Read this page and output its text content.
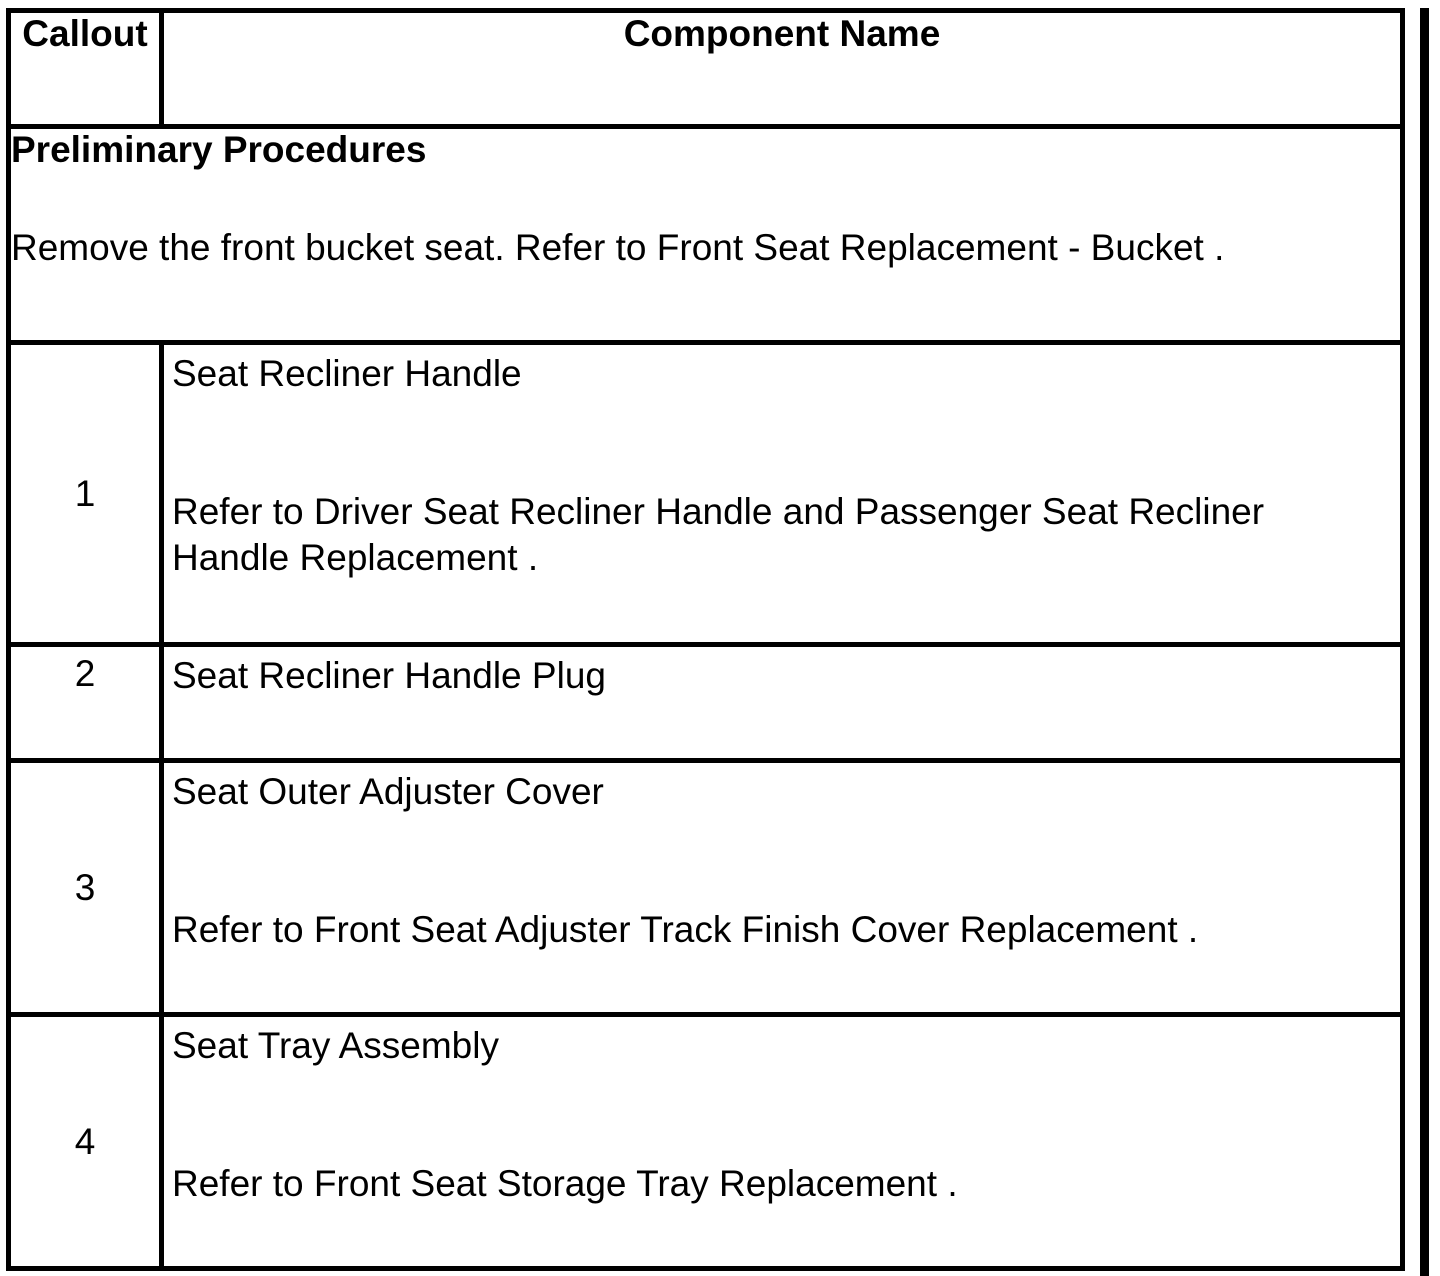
Callout	Component Name

Preliminary Procedures
Remove the front bucket seat. Refer to Front Seat Replacement - Bucket .	

1	Seat Recliner Handle
Refer to Driver Seat Recliner Handle and Passenger Seat Recliner Handle Replacement .

2	Seat Recliner Handle Plug

3	Seat Outer Adjuster Cover
Refer to Front Seat Adjuster Track Finish Cover Replacement .

4	Seat Tray Assembly
Refer to Front Seat Storage Tray Replacement .
